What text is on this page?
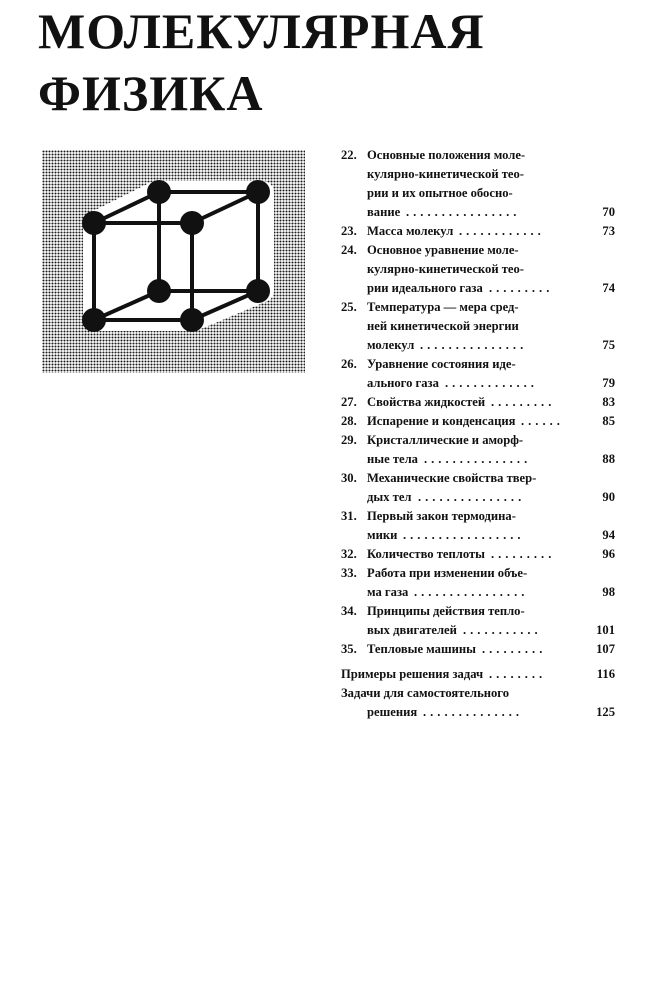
МОЛЕКУЛЯРНАЯ
ФИЗИКА
22. Основные положения моле-
кулярно-кинетической тео-
рии и их опытное обосно-
вание ................	70
23. Масса молекул ............	73
24. Основное уравнение моле-
кулярно-кинетической тео-
рии идеального газа .........	74
25. Температура — мера сред-
ней кинетической энергии
молекул ...............	75
26. Уравнение состояния иде-
ального газа .............	79
27. Свойства жидкостей .........	83
28. Испарение и конденсация ......	85
29. Кристаллические и аморф-
ные тела ...............	88
30. Механические свойства твер-
дых тел ...............	90
31. Первый закон термодина-
мики .................	94
32. Количество теплоты .........	96
33. Работа при изменении объе-
ма газа ................	98
34. Принципы действия тепло-
вых двигателей ...........	101
35. Тепловые машины .........	107
Примеры решения задач ........	116
Задачи для самостоятельного
решения ..............	125
